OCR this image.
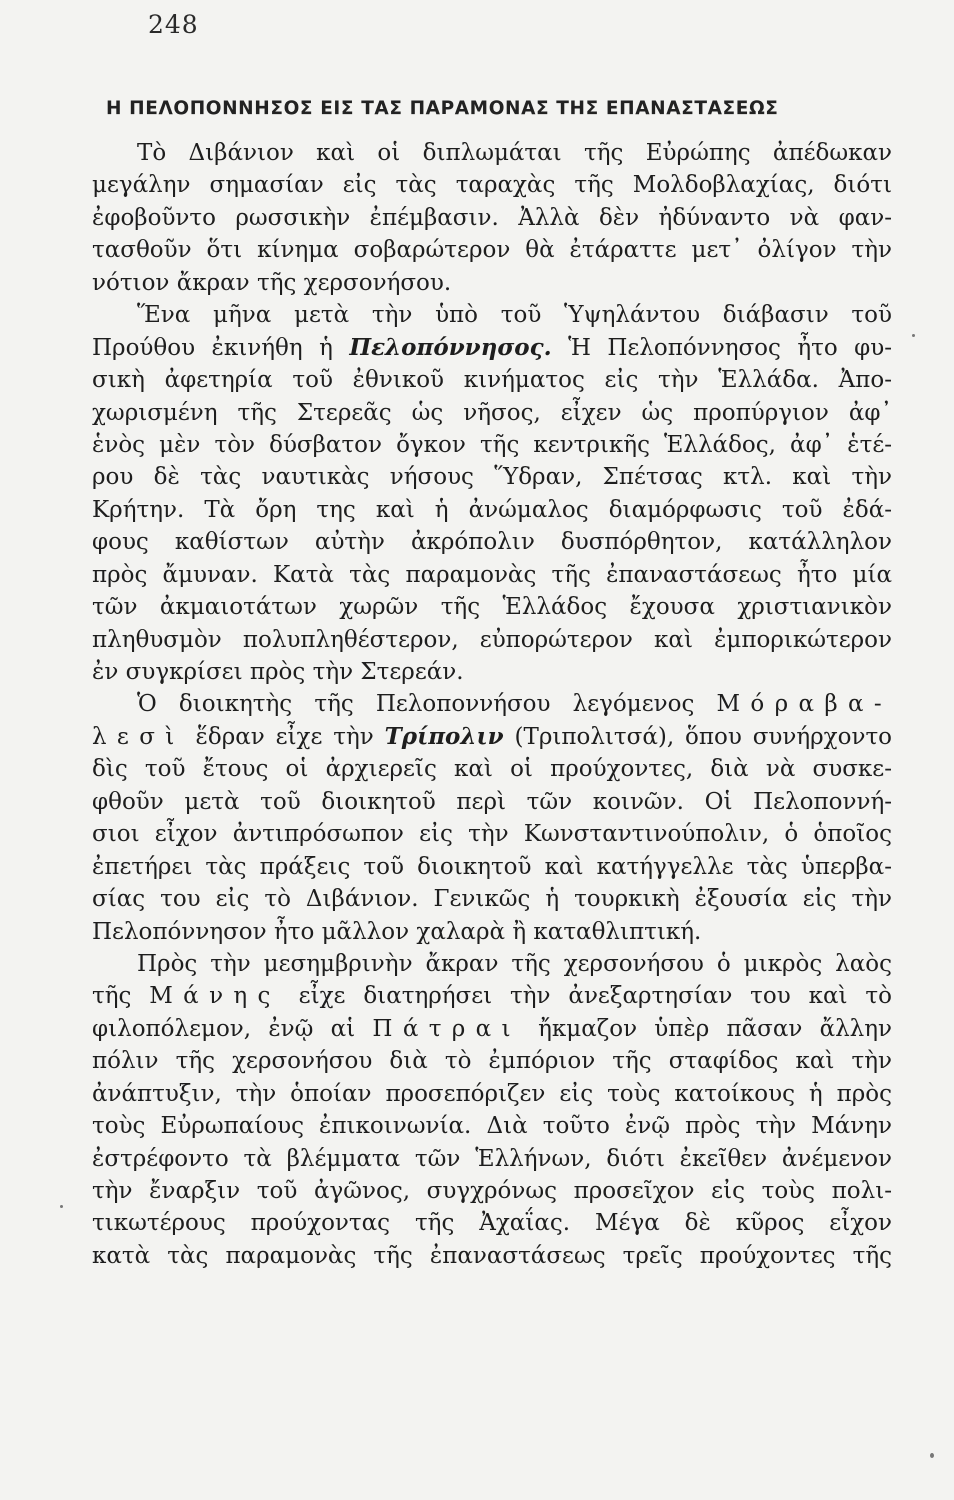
248
Η ΠΕΛΟΠΟΝΝΗΣΟΣ ΕΙΣ ΤΑΣ ΠΑΡΑΜΟΝΑΣ ΤΗΣ ΕΠΑΝΑΣΤΑΣΕΩΣ
Τὸ Διβάνιον καὶ οἱ διπλωμάται τῆς Εὐρώπης ἀπέδωκαν
μεγάλην σημασίαν εἰς τὰς ταραχὰς τῆς Μολδοβλαχίας, διότι
ἐφοβοῦντο ρωσσικὴν ἐπέμβασιν. Ἀλλὰ δὲν ἠδύναντο νὰ φαν-
τασθοῦν ὅτι κίνημα σοβαρώτερον θὰ ἐτάραττε μετ᾽ ὀλίγον τὴν
νότιον ἄκραν τῆς χερσονήσου.
Ἕνα μῆνα μετὰ τὴν ὑπὸ τοῦ Ὑψηλάντου διάβασιν τοῦ
Προύθου ἐκινήθη ἡ Πελοπόννησος. Ἡ Πελοπόννησος ἦτο φυ-
σικὴ ἀφετηρία τοῦ ἐθνικοῦ κινήματος εἰς τὴν Ἑλλάδα. Ἀπο-
χωρισμένη τῆς Στερεᾶς ὡς νῆσος, εἶχεν ὡς προπύργιον ἀφ᾽
ἑνὸς μὲν τὸν δύσβατον ὄγκον τῆς κεντρικῆς Ἑλλάδος, ἀφ᾽ ἑτέ-
ρου δὲ τὰς ναυτικὰς νήσους Ὕδραν, Σπέτσας κτλ. καὶ τὴν
Κρήτην. Τὰ ὄρη της καὶ ἡ ἀνώμαλος διαμόρφωσις τοῦ ἐδά-
φους καθίστων αὐτὴν ἀκρόπολιν δυσπόρθητον, κατάλληλον
πρὸς ἄμυναν. Κατὰ τὰς παραμονὰς τῆς ἐπαναστάσεως ἦτο μία
τῶν ἀκμαιοτάτων χωρῶν τῆς Ἑλλάδος ἔχουσα χριστιανικὸν
πληθυσμὸν πολυπληθέστερον, εὐπορώτερον καὶ ἐμπορικώτερον
ἐν συγκρίσει πρὸς τὴν Στερεάν.
Ὁ διοικητὴς τῆς Πελοποννήσου λεγόμενος Μόραβα-
λεσὶ ἕδραν εἶχε τὴν Τρίπολιν (Τριπολιτσά), ὅπου συνήρχοντο
δὶς τοῦ ἔτους οἱ ἀρχιερεῖς καὶ οἱ προύχοντες, διὰ νὰ συσκε-
φθοῦν μετὰ τοῦ διοικητοῦ περὶ τῶν κοινῶν. Οἱ Πελοποννή-
σιοι εἶχον ἀντιπρόσωπον εἰς τὴν Κωνσταντινούπολιν, ὁ ὁποῖος
ἐπετήρει τὰς πράξεις τοῦ διοικητοῦ καὶ κατήγγελλε τὰς ὑπερβα-
σίας του εἰς τὸ Διβάνιον. Γενικῶς ἡ τουρκικὴ ἐξουσία εἰς τὴν
Πελοπόννησον ἦτο μᾶλλον χαλαρὰ ἢ καταθλιπτική.
Πρὸς τὴν μεσημβρινὴν ἄκραν τῆς χερσονήσου ὁ μικρὸς λαὸς
τῆς Μάνης εἶχε διατηρήσει τὴν ἀνεξαρτησίαν του καὶ τὸ
φιλοπόλεμον, ἐνῷ αἱ Πάτραι ἤκμαζον ὑπὲρ πᾶσαν ἄλλην
πόλιν τῆς χερσονήσου διὰ τὸ ἐμπόριον τῆς σταφίδος καὶ τὴν
ἀνάπτυξιν, τὴν ὁποίαν προσεπόριζεν εἰς τοὺς κατοίκους ἡ πρὸς
τοὺς Εὐρωπαίους ἐπικοινωνία. Διὰ τοῦτο ἐνῷ πρὸς τὴν Μάνην
ἐστρέφοντο τὰ βλέμματα τῶν Ἑλλήνων, διότι ἐκεῖθεν ἀνέμενον
τὴν ἔναρξιν τοῦ ἀγῶνος, συγχρόνως προσεῖχον εἰς τοὺς πολι-
τικωτέρους προύχοντας τῆς Ἀχαΐας. Μέγα δὲ κῦρος εἶχον
κατὰ τὰς παραμονὰς τῆς ἐπαναστάσεως τρεῖς προύχοντες τῆς
